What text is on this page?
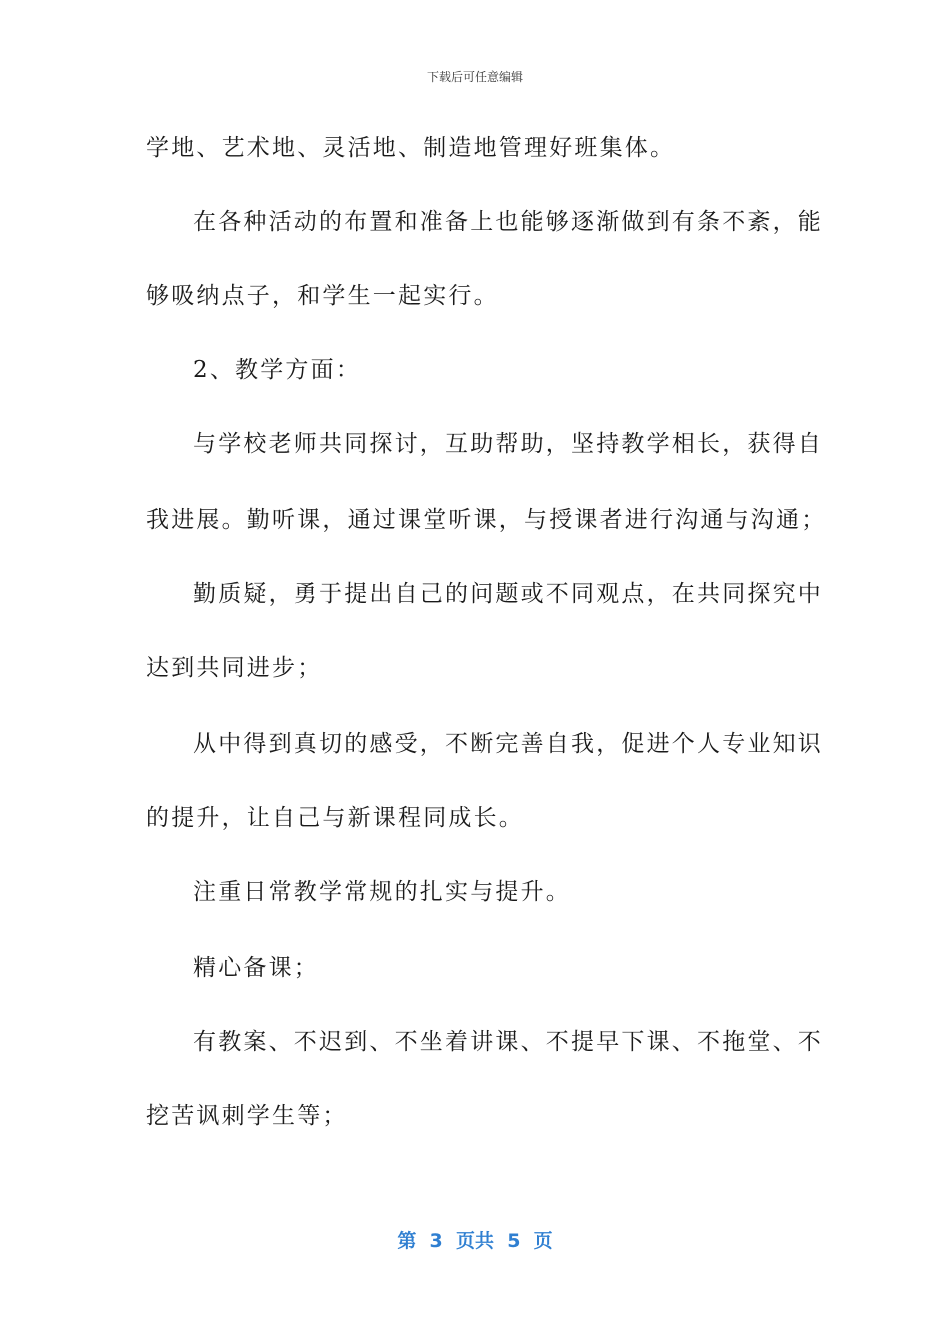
下载后可任意编辑
学地、艺术地、灵活地、制造地管理好班集体。
在各种活动的布置和准备上也能够逐渐做到有条不紊，能
够吸纳点子，和学生一起实行。
2、教学方面：
与学校老师共同探讨，互助帮助，坚持教学相长，获得自
我进展。勤听课，通过课堂听课，与授课者进行沟通与沟通；
勤质疑，勇于提出自己的问题或不同观点，在共同探究中
达到共同进步；
从中得到真切的感受，不断完善自我，促进个人专业知识
的提升，让自己与新课程同成长。
注重日常教学常规的扎实与提升。
精心备课；
有教案、不迟到、不坐着讲课、不提早下课、不拖堂、不
挖苦讽刺学生等；
第  3  页共  5  页
